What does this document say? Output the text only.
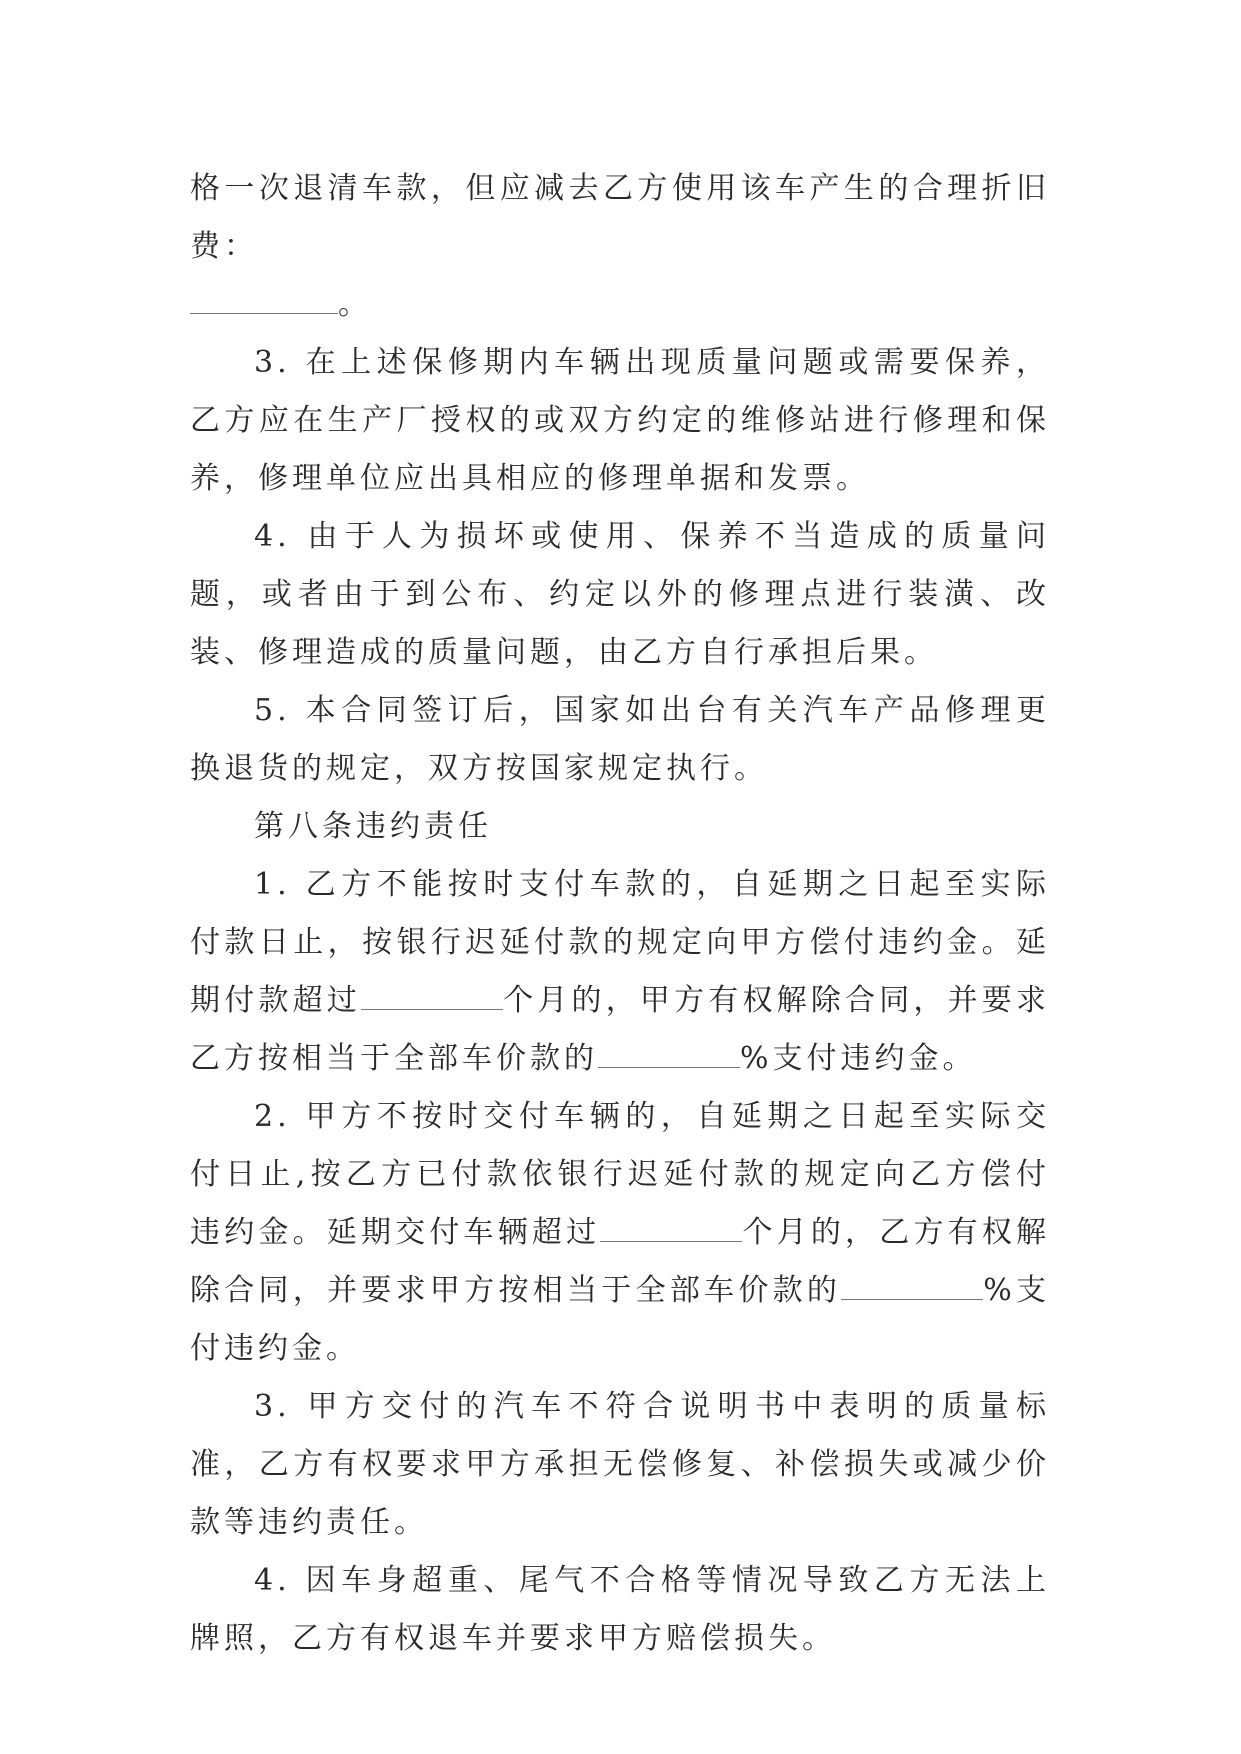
格一次退清车款，但应减去乙方使用该车产生的合理折旧费：
。

3. 在上述保修期内车辆出现质量问题或需要保养，乙方应在生产厂授权的或双方约定的维修站进行修理和保养，修理单位应出具相应的修理单据和发票。

4. 由于人为损坏或使用、保养不当造成的质量问题，或者由于到公布、约定以外的修理点进行装潢、改装、修理造成的质量问题，由乙方自行承担后果。

5. 本合同签订后，国家如出台有关汽车产品修理更换退货的规定，双方按国家规定执行。

第八条违约责任

1. 乙方不能按时支付车款的，自延期之日起至实际付款日止，按银行迟延付款的规定向甲方偿付违约金。延期付款超过	个月的，甲方有权解除合同，并要求乙方按相当于全部车价款的	%支付违约金。

2. 甲方不按时交付车辆的，自延期之日起至实际交付日止,按乙方已付款依银行迟延付款的规定向乙方偿付违约金。延期交付车辆超过	个月的，乙方有权解除合同，并要求甲方按相当于全部车价款的	%支付违约金。

3. 甲方交付的汽车不符合说明书中表明的质量标准，乙方有权要求甲方承担无偿修复、补偿损失或减少价款等违约责任。

4. 因车身超重、尾气不合格等情况导致乙方无法上牌照，乙方有权退车并要求甲方赔偿损失。
